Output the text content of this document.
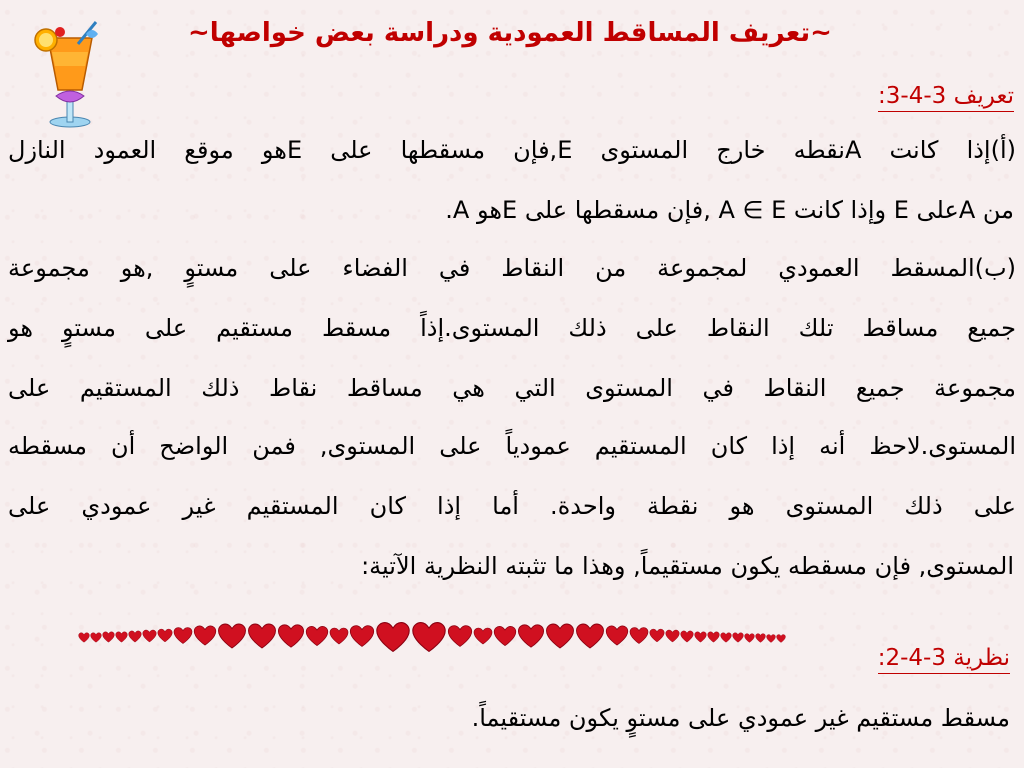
~تعريف المساقط العمودية ودراسة بعض خواصها~
تعريف 3-4-3:
(أ)إذا كانت Aنقطه خارج المستوى E,فإن مسقطها على Eهو موقع العمود النازل
من Aعلى E وإذا كانت A ∈ E ,فإن مسقطها على Eهو A.
(ب)المسقط العمودي لمجموعة من النقاط في الفضاء على مستوٍ ,هو مجموعة
جميع مساقط تلك النقاط على ذلك المستوى.إذاً مسقط مستقيم على مستوٍ هو
مجموعة جميع النقاط في المستوى التي هي مساقط نقاط ذلك المستقيم على
المستوى.لاحظ أنه إذا كان المستقيم عمودياً على المستوى, فمن الواضح أن مسقطه
على ذلك المستوى هو نقطة واحدة. أما إذا كان المستقيم غير عمودي على
المستوى, فإن مسقطه يكون مستقيماً, وهذا ما تثبته النظرية الآتية:
نظرية 3-4-2:
مسقط مستقيم غير عمودي على مستوٍ يكون مستقيماً.
